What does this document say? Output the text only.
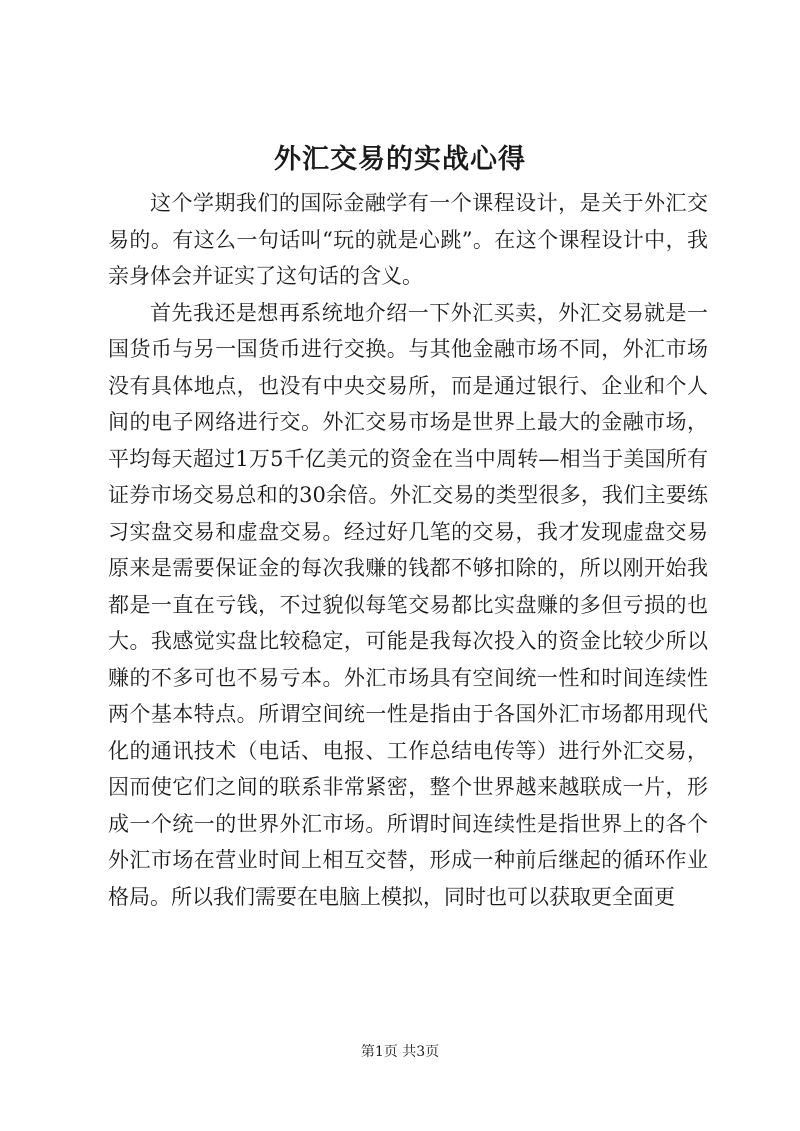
外汇交易的实战心得

这个学期我们的国际金融学有一个课程设计，是关于外汇交易的。有这么一句话叫“玩的就是心跳”。在这个课程设计中，我亲身体会并证实了这句话的含义。

首先我还是想再系统地介绍一下外汇买卖，外汇交易就是一国货币与另一国货币进行交换。与其他金融市场不同，外汇市场没有具体地点，也没有中央交易所，而是通过银行、企业和个人间的电子网络进行交。外汇交易市场是世界上最大的金融市场，平均每天超过1万5千亿美元的资金在当中周转—相当于美国所有证券市场交易总和的30余倍。外汇交易的类型很多，我们主要练习实盘交易和虚盘交易。经过好几笔的交易，我才发现虚盘交易原来是需要保证金的每次我赚的钱都不够扣除的，所以刚开始我都是一直在亏钱，不过貌似每笔交易都比实盘赚的多但亏损的也大。我感觉实盘比较稳定，可能是我每次投入的资金比较少所以赚的不多可也不易亏本。外汇市场具有空间统一性和时间连续性两个基本特点。所谓空间统一性是指由于各国外汇市场都用现代化的通讯技术（电话、电报、工作总结电传等）进行外汇交易，因而使它们之间的联系非常紧密，整个世界越来越联成一片，形成一个统一的世界外汇市场。所谓时间连续性是指世界上的各个外汇市场在营业时间上相互交替，形成一种前后继起的循环作业格局。所以我们需要在电脑上模拟，同时也可以获取更全面更

第1页 共3页
